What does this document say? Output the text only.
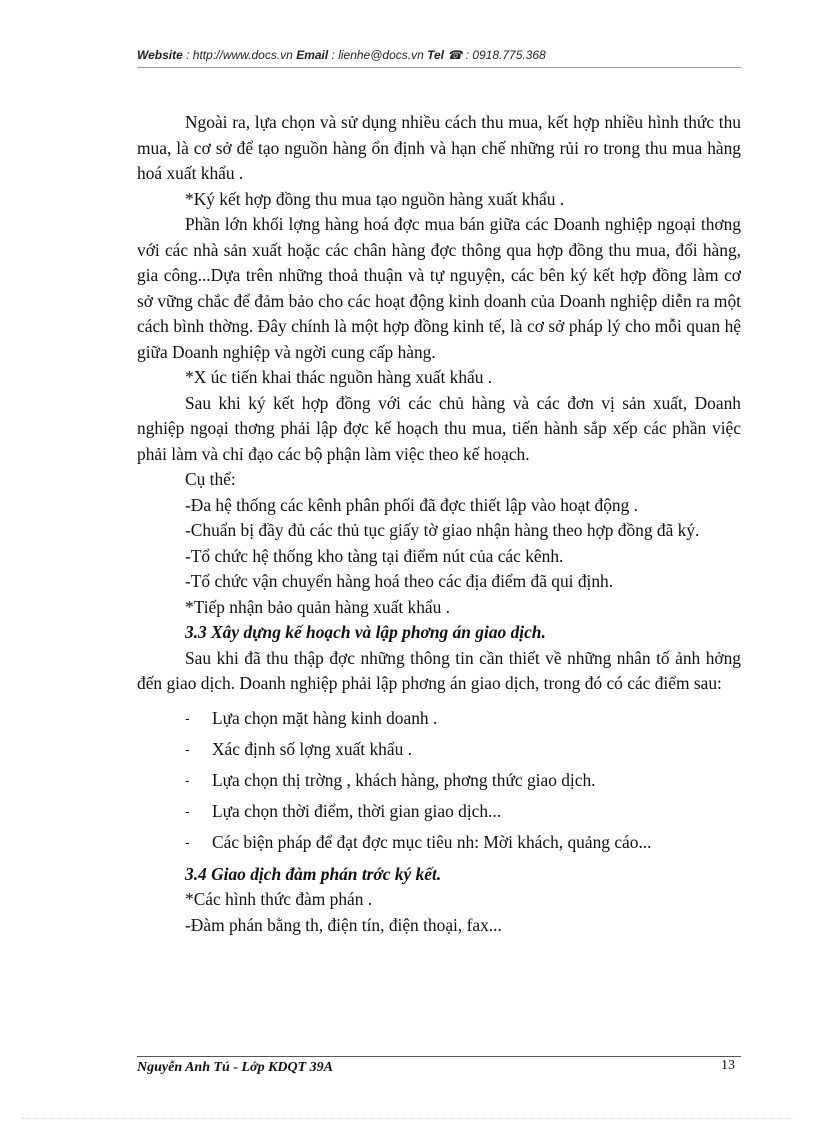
Website : http://www.docs.vn Email : lienhe@docs.vn Tel ☎ : 0918.775.368

Ngoài ra, lựa chọn và sử dụng nhiều cách thu mua, kết hợp nhiều hình thức thu mua, là cơ sở để tạo nguồn hàng ổn định và hạn chế những rủi ro trong thu mua hàng hoá xuất khẩu .

*Ký kết hợp đồng thu mua tạo nguồn hàng xuất khẩu .

Phần lớn khối lợng hàng hoá đợc mua bán giữa các Doanh nghiệp ngoại thơng với các nhà sản xuất hoặc các chân hàng đợc thông qua hợp đồng thu mua, đổi hàng, gia công...Dựa trên những thoả thuận và tự nguyện, các bên ký kết hợp đồng làm cơ sở vững chắc để đảm bảo cho các hoạt động kinh doanh của Doanh nghiệp diễn ra một cách bình thờng. Đây chính là một hợp đồng kinh tế, là cơ sở pháp lý cho mỗi quan hệ giữa Doanh nghiệp và ngời cung cấp hàng.

*X úc tiến khai thác nguồn hàng xuất khẩu .

Sau khi ký kết hợp đồng với các chủ hàng và các đơn vị sản xuất, Doanh nghiệp ngoại thơng phải lập đợc kế hoạch thu mua, tiến hành sắp xếp các phần việc phải làm và chỉ đạo các bộ phận làm việc theo kế hoạch.

Cụ thể:

-Đa hệ thống các kênh phân phối đã đợc thiết lập vào hoạt động .

-Chuẩn bị đầy đủ các thủ tục giấy tờ giao nhận hàng theo hợp đồng đã ký.

-Tổ chức hệ thống kho tàng tại điểm nút của các kênh.

-Tổ chức vận chuyển hàng hoá theo các địa điểm đã qui định.

*Tiếp nhận bảo quản hàng xuất khẩu .

3.3 Xây dựng kế hoạch và lập phơng án giao dịch.

Sau khi đã thu thập đợc những thông tin cần thiết về những nhân tố ảnh hởng đến giao dịch. Doanh nghiệp phải lập phơng án giao dịch, trong đó có các điểm sau:

- Lựa chọn mặt hàng kinh doanh .
- Xác định số lợng xuất khẩu .
- Lựa chọn thị trờng , khách hàng, phơng thức giao dịch.
- Lựa chọn thời điểm, thời gian giao dịch...
- Các biện pháp để đạt đợc mục tiêu nh: Mời khách, quảng cáo...

3.4 Giao dịch đàm phán trớc ký kết.

*Các hình thức đàm phán .

-Đàm phán bằng th, điện tín, điện thoại, fax...

Nguyễn Anh Tú - Lớp KDQT 39A	13
